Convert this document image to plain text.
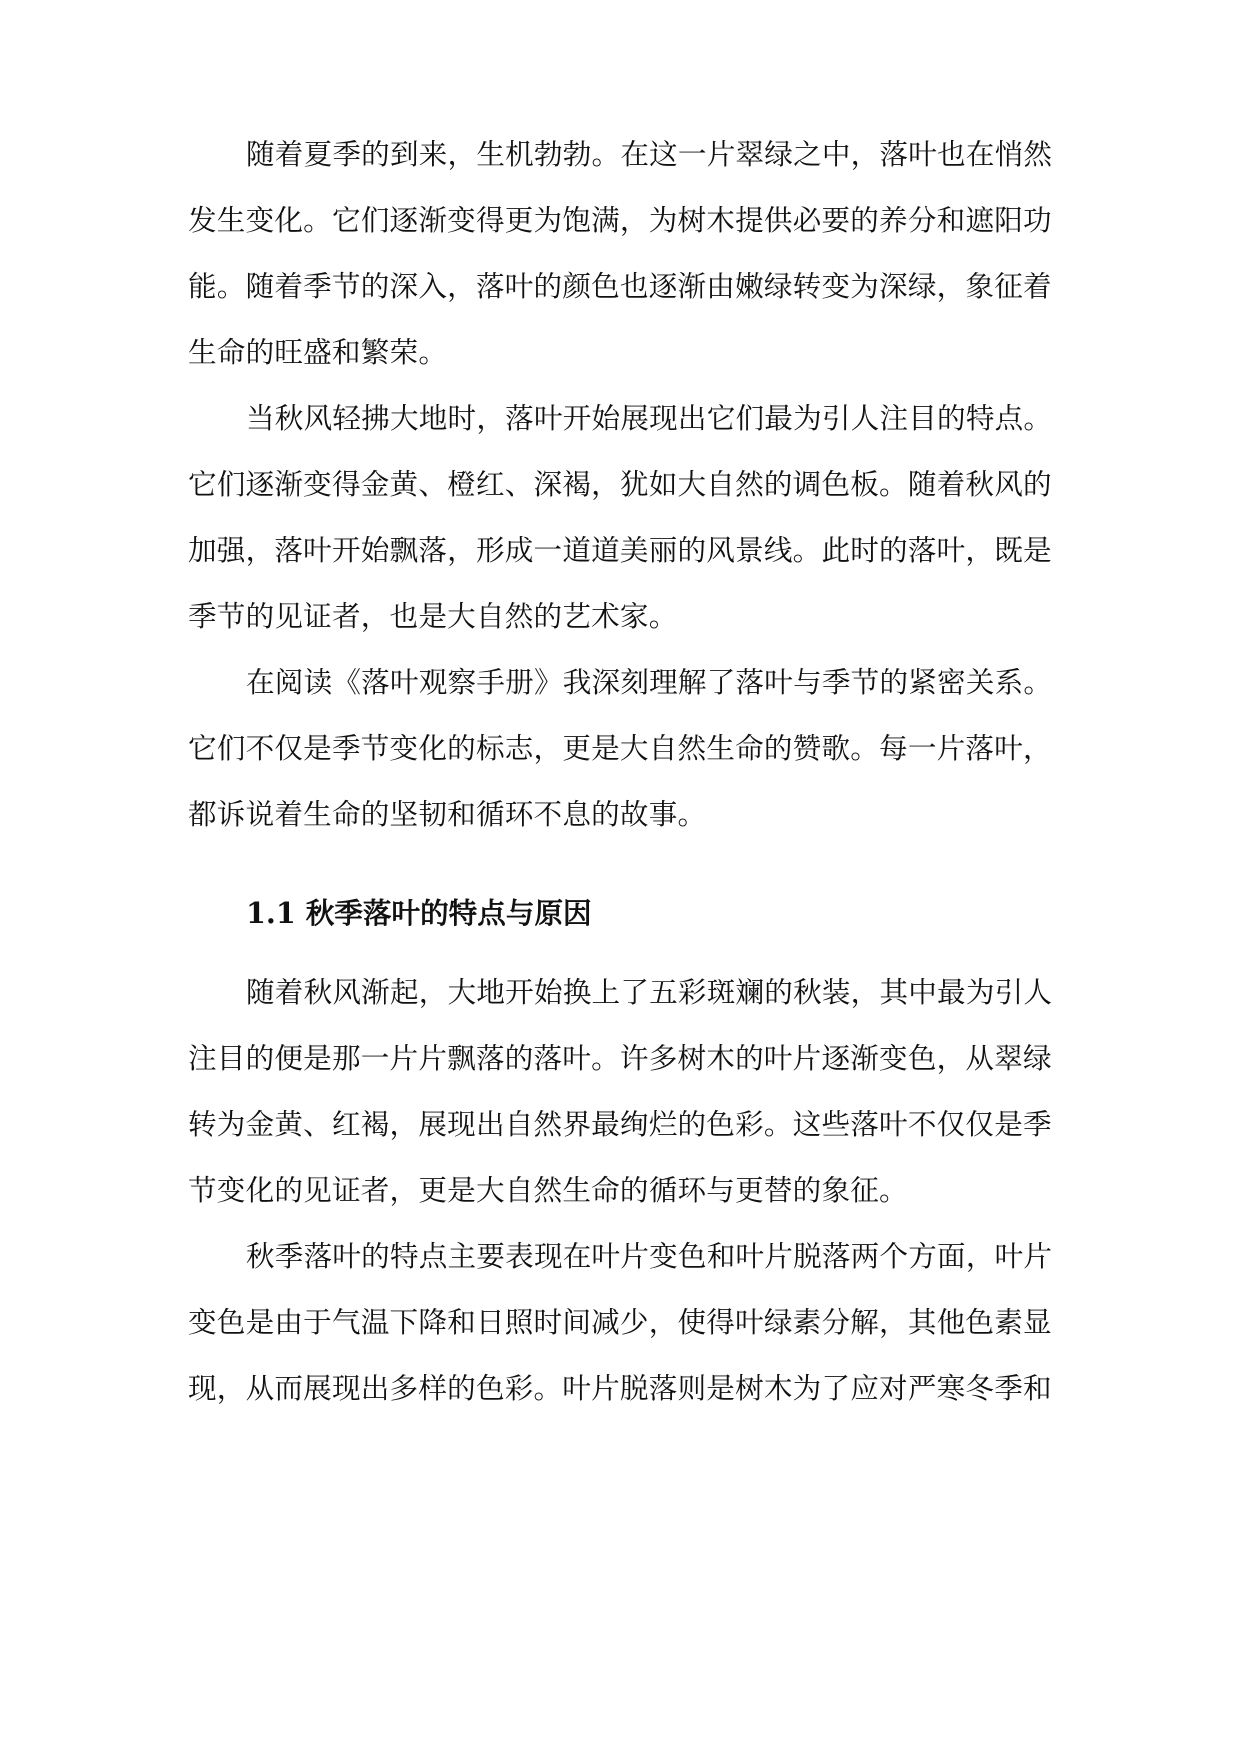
随着夏季的到来，生机勃勃。在这一片翠绿之中，落叶也在悄然
发生变化。它们逐渐变得更为饱满，为树木提供必要的养分和遮阳功
能。随着季节的深入，落叶的颜色也逐渐由嫩绿转变为深绿，象征着
生命的旺盛和繁荣。
当秋风轻拂大地时，落叶开始展现出它们最为引人注目的特点。
它们逐渐变得金黄、橙红、深褐，犹如大自然的调色板。随着秋风的
加强，落叶开始飘落，形成一道道美丽的风景线。此时的落叶，既是
季节的见证者，也是大自然的艺术家。
在阅读《落叶观察手册》我深刻理解了落叶与季节的紧密关系。
它们不仅是季节变化的标志，更是大自然生命的赞歌。每一片落叶，
都诉说着生命的坚韧和循环不息的故事。
1.1 秋季落叶的特点与原因
随着秋风渐起，大地开始换上了五彩斑斓的秋装，其中最为引人
注目的便是那一片片飘落的落叶。许多树木的叶片逐渐变色，从翠绿
转为金黄、红褐，展现出自然界最绚烂的色彩。这些落叶不仅仅是季
节变化的见证者，更是大自然生命的循环与更替的象征。
秋季落叶的特点主要表现在叶片变色和叶片脱落两个方面，叶片
变色是由于气温下降和日照时间减少，使得叶绿素分解，其他色素显
现，从而展现出多样的色彩。叶片脱落则是树木为了应对严寒冬季和
